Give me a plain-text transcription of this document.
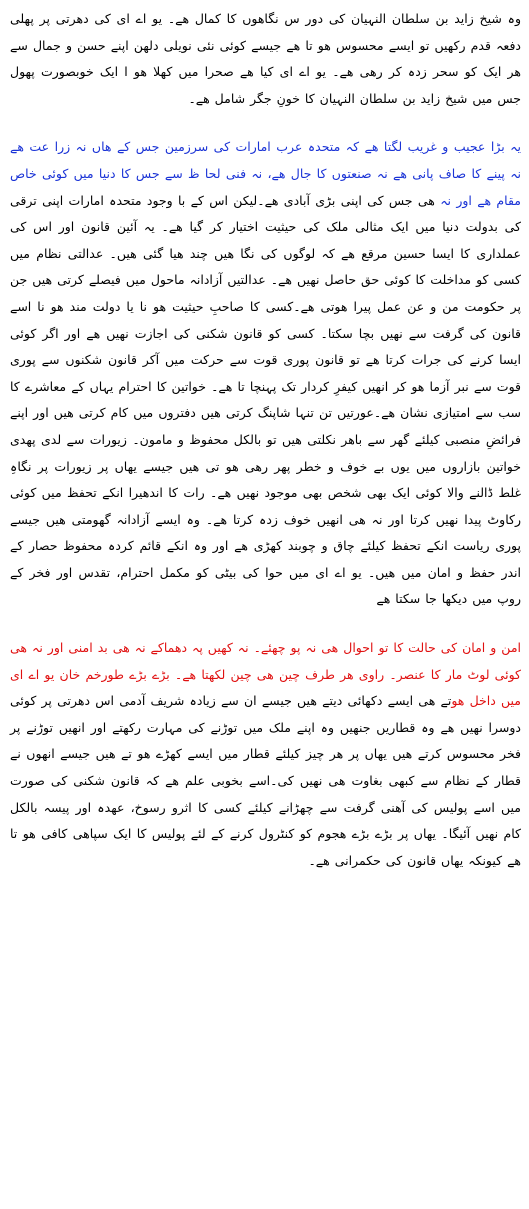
وہ شیخ زاید بن سلطان النہیان کی دور س نگاھوں کا کمال ھے۔ یو اے ای کی دھرتی پر پھلی دفعہ قدم رکھیں تو ایسے محسوس ھو تا ھے جیسے کوئی نئی نویلی دلھن اپنے حسن و جمال سے ھر ایک کو سحر زدہ کر رھی ھے۔ یو اے ای کیا ھے صحرا میں کھلا ھو ا ایک خوبصورت پھول جس میں شیخ زاید بن سلطان النہیان کا خونِ جگر شامل ھے۔

یہ بڑا عجیب و غریب لگتا ھے کہ متحدہ عرب امارات کی سرزمین جس کے ھاں نہ زرا عت ھے نہ پینے کا صاف پانی ھے نہ صنعتوں کا جال ھے، نہ فنی لحا ظ سے جس کا دنیا میں کوئی خاص مقام ھے اور نہ ھی جس کی اپنی بڑی آبادی ھے۔لیکن اس کے با وجود متحدہ امارات اپنی ترقی کی بدولت دنیا میں ایک مثالی ملک کی حیثیت اختیار کر گیا ھے۔ یہ آئین قانون اور اس کی عملداری کا ایسا حسین مرقع ھے کہ لوگوں کی نگا ھیں چند ھیا گئی ھیں۔ عدالتی نظام میں کسی کو مداخلت کا کوئی حق حاصل نھیں ھے۔ عدالتیں آزادانہ ماحول میں فیصلے کرتی ھیں جن پر حکومت من و عن عمل پیرا ھوتی ھے۔کسی کا صاحبِ حیثیت ھو نا یا دولت مند ھو نا اسے قانون کی گرفت سے نھیں بچا سکتا۔ کسی کو قانون شکنی کی اجازت نھیں ھے اور اگر کوئی ایسا کرنے کی جرات کرتا ھے تو قانون پوری قوت سے حرکت میں آکر قانون شکنوں سے پوری قوت سے نبر آزما ھو کر انھیں کیفرِ کردار تک پہنچا تا ھے۔ خواتین کا احترام یہاں کے معاشرے کا سب سے امتیازی نشان ھے۔عورتیں تن تنہا شاپنگ کرتی ھیں دفتروں میں کام کرتی ھیں اور اپنے فرائضِ منصبی کیلئے گھر سے باھر نکلتی ھیں تو بالکل محفوظ و مامون۔ زیورات سے لدی پھدی خواتین بازاروں میں یوں بے خوف و خطر پھر رھی ھو تی ھیں جیسے یھاں پر زیورات پر نگاہِ غلط ڈالنے والا کوئی ایک بھی شخص بھی موجود نھیں ھے۔ رات کا اندھیرا انکے تحفظ میں کوئی رکاوٹ پیدا نھیں کرتا اور نہ ھی انھیں خوف زدہ کرتا ھے۔ وہ ایسے آزادانہ گھومتی ھیں جیسے پوری ریاست انکے تحفظ کیلئے چاق و چوبند کھڑی ھے اور وہ انکے قائم کردہ محفوظ حصار کے اندر حفظ و امان میں ھیں۔ یو اے ای میں حوا کی بیٹی کو مکمل احترام، تقدس اور فخر کے روپ میں دیکھا جا سکتا ھے

امن و امان کی حالت کا تو احوال ھی نہ پو چھئے۔ نہ کھیں پہ دھماکے نہ ھی بد امنی اور نہ ھی کوئی لوٹ مار کا عنصر۔ راوی ھر طرف چین ھی چین لکھتا ھے۔ بڑے بڑے طورخم خان یو اے ای میں داخل ھوتے ھی ایسے دکھائی دیتے ھیں جیسے ان سے زیادہ شریف آدمی اس دھرتی پر کوئی دوسرا نھیں ھے وہ قطاریں جنھیں وہ اپنے ملک میں توڑنے کی مہارت رکھتے اور انھیں توڑنے پر فخر محسوس کرتے ھیں یھاں پر ھر چیز کیلئے قطار میں ایسے کھڑے ھو تے ھیں جیسے انھوں نے قطار کے نظام سے کبھی بغاوت ھی نھیں کی۔اسے بخوبی علم ھے کہ قانون شکنی کی صورت میں اسے پولیس کی آھنی گرفت سے چھڑانے کیلئے کسی کا اثرو رسوخ، عھدہ اور پیسہ بالکل کام نھیں آئیگا۔ یھاں پر بڑے بڑے ھجوم کو کنٹرول کرنے کے لئے پولیس کا ایک سپاھی کافی ھو تا ھے کیونکہ یھاں قانون کی حکمرانی ھے۔
